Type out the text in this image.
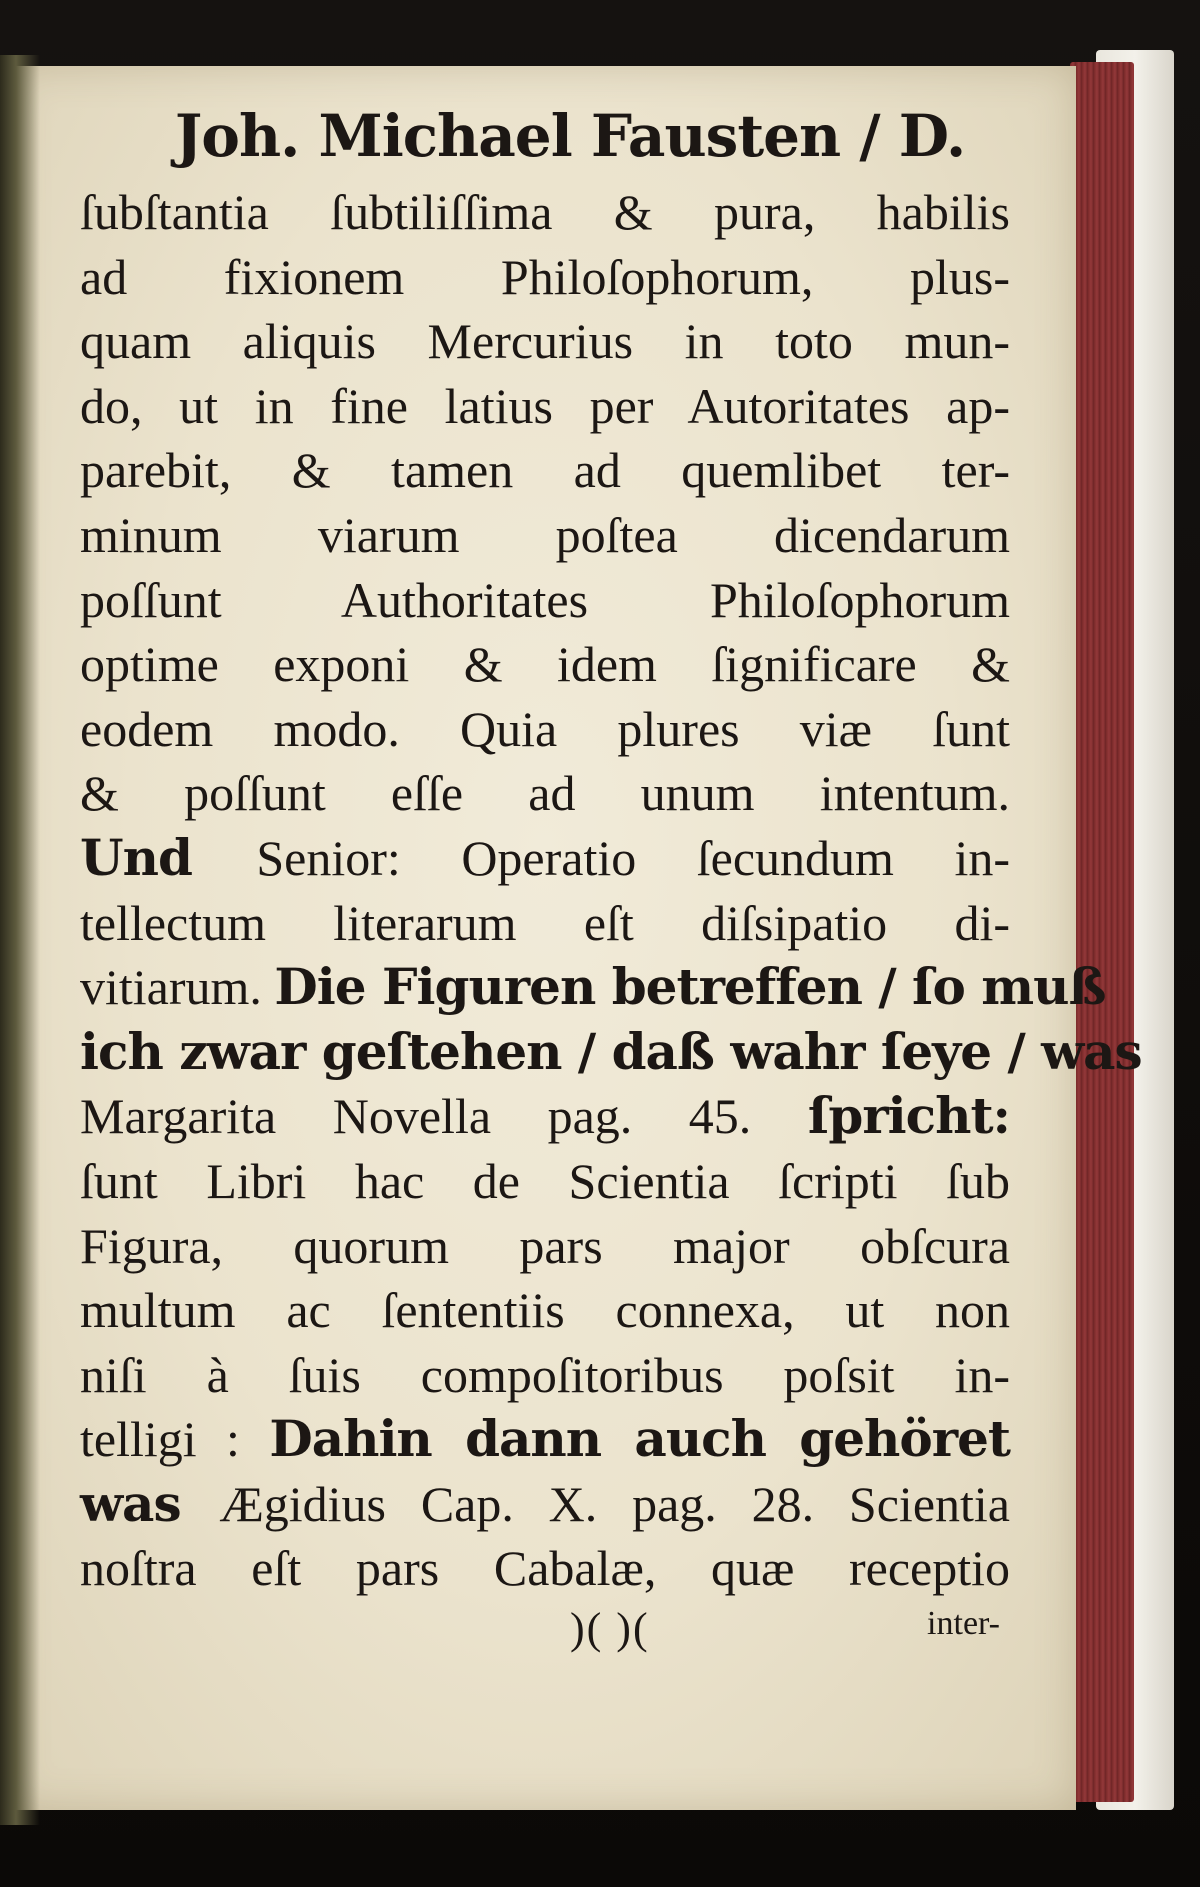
Joh. Michael Fausten / D.
ſubſtantia ſubtiliſſima & pura, habilis
ad fixionem Philoſophorum, plus-
quam aliquis Mercurius in toto mun-
do, ut in fine latius per Autoritates ap-
parebit, & tamen ad quemlibet ter-
minum viarum poſtea dicendarum
poſſunt Authoritates Philoſophorum
optime exponi & idem ſignificare &
eodem modo. Quia plures viæ ſunt
& poſſunt eſſe ad unum intentum.
Und Senior: Operatio ſecundum in-
tellectum literarum eſt diſsipatio di-
vitiarum. Die Figuren betreffen / ſo muß
ich zwar geſtehen / daß wahr ſeye / was
Margarita Novella pag. 45. ſpricht:
ſunt Libri hac de Scientia ſcripti ſub
Figura, quorum pars major obſcura
multum ac ſententiis connexa, ut non
niſi à ſuis compoſitoribus poſsit in-
telligi : Dahin dann auch gehöret
was Ægidius Cap. X. pag. 28. Scientia
noſtra eſt pars Cabalæ, quæ receptio
)( )(	inter-
